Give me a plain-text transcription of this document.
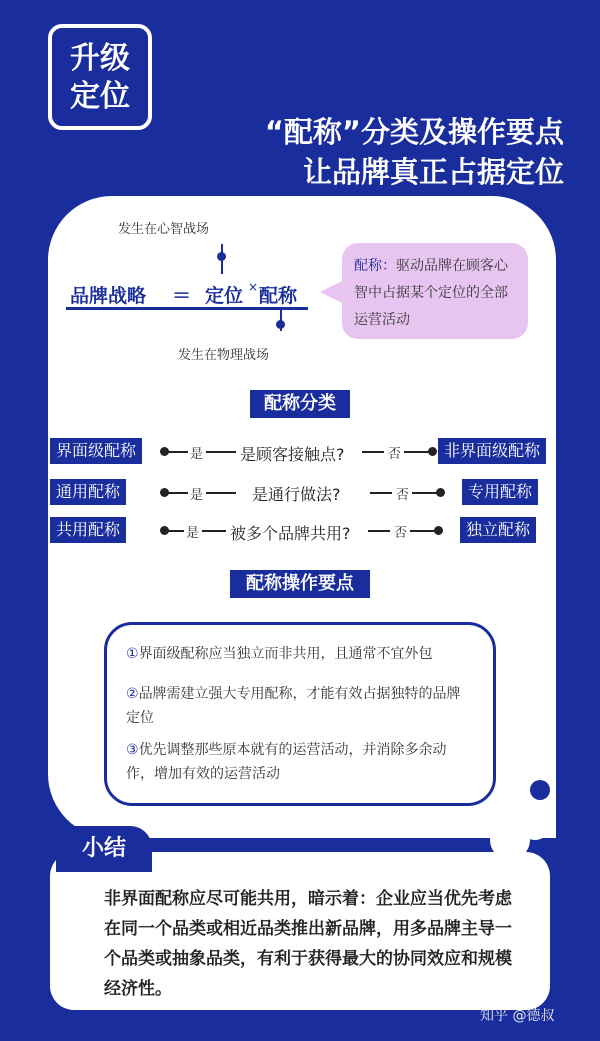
升级
定位
“配称”分类及操作要点
让品牌真正占据定位
发生在心智战场
品牌战略 ＝ 定位 × 配称
发生在物理战场
配称：驱动品牌在顾客心智中占据某个定位的全部运营活动
配称分类
界面级配称	是 是顾客接触点?	否	非界面级配称
通用配称	是	是通行做法?	否	专用配称
共用配称	是 被多个品牌共用?	否	独立配称
配称操作要点
①界面级配称应当独立而非共用，且通常不宜外包
②品牌需建立强大专用配称，才能有效占据独特的品牌定位
③优先调整那些原本就有的运营活动，并消除多余动作，增加有效的运营活动
小结
非界面配称应尽可能共用，暗示着：企业应当优先考虑在同一个品类或相近品类推出新品牌，用多品牌主导一个品类或抽象品类，有利于获得最大的协同效应和规模经济性。
知乎 @德叔
